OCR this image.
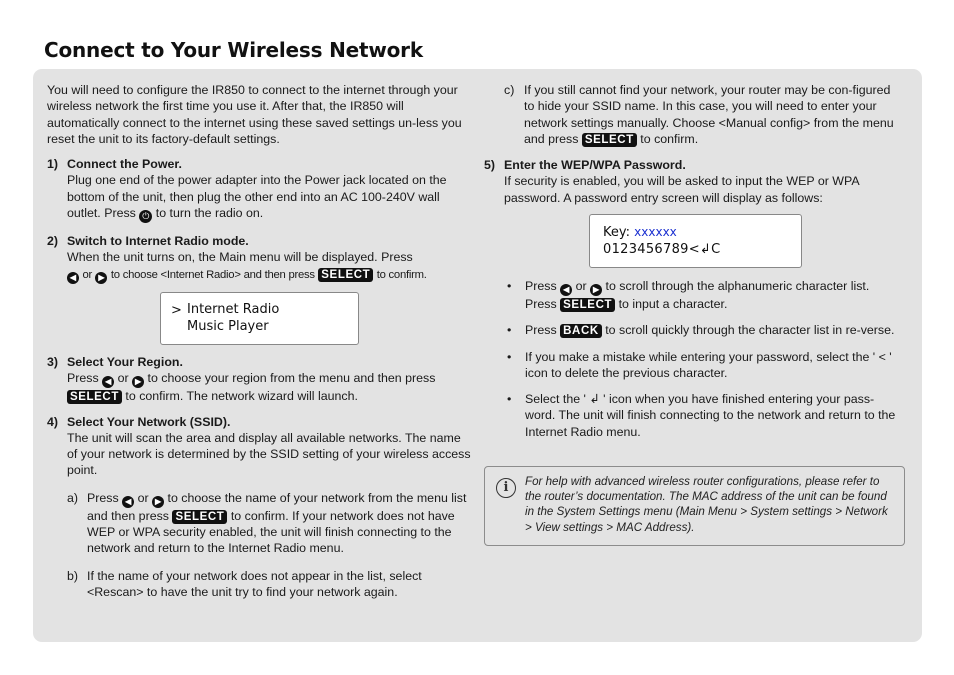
Connect to Your Wireless Network

You will need to configure the IR850 to connect to the internet through your wireless network the first time you use it. After that, the IR850 will automatically connect to the internet using these saved settings un-less you reset the unit to its factory-default settings.

1) Connect the Power.
Plug one end of the power adapter into the Power jack located on the bottom of the unit, then plug the other end into an AC 100-240V wall outlet. Press ⏻ to turn the radio on.
2) Switch to Internet Radio mode.
When the unit turns on, the Main menu will be displayed. Press
◀ or ▶ to choose <Internet Radio> and then press SELECT to confirm.
> Internet Radio
Music Player
3) Select Your Region.
Press ◀ or ▶ to choose your region from the menu and then press SELECT to confirm. The network wizard will launch.
4) Select Your Network (SSID).
The unit will scan the area and display all available networks. The name of your network is determined by the SSID setting of your wireless access point.
a) Press ◀ or ▶ to choose the name of your network from the menu list and then press SELECT to confirm. If your network does not have WEP or WPA security enabled, the unit will finish connecting to the network and return to the Internet Radio menu.
b) If the name of your network does not appear in the list, select <Rescan> to have the unit try to find your network again.
c) If you still cannot find your network, your router may be con-figured to hide your SSID name. In this case, you will need to enter your network settings manually. Choose <Manual config> from the menu and press SELECT to confirm.
5) Enter the WEP/WPA Password.
If security is enabled, you will be asked to input the WEP or WPA password. A password entry screen will display as follows:
Key: xxxxxx
0123456789<↲C
• Press ◀ or ▶ to scroll through the alphanumeric character list. Press SELECT to input a character.
• Press BACK to scroll quickly through the character list in re-verse.
• If you make a mistake while entering your password, select the ' < ' icon to delete the previous character.
• Select the ' ↲ ' icon when you have finished entering your pass-word. The unit will finish connecting to the network and return to the Internet Radio menu.
i	For help with advanced wireless router configurations, please refer to the router’s documentation. The MAC address of the unit can be found in the System Settings menu (Main Menu > System settings > Network > View settings > MAC Address).
